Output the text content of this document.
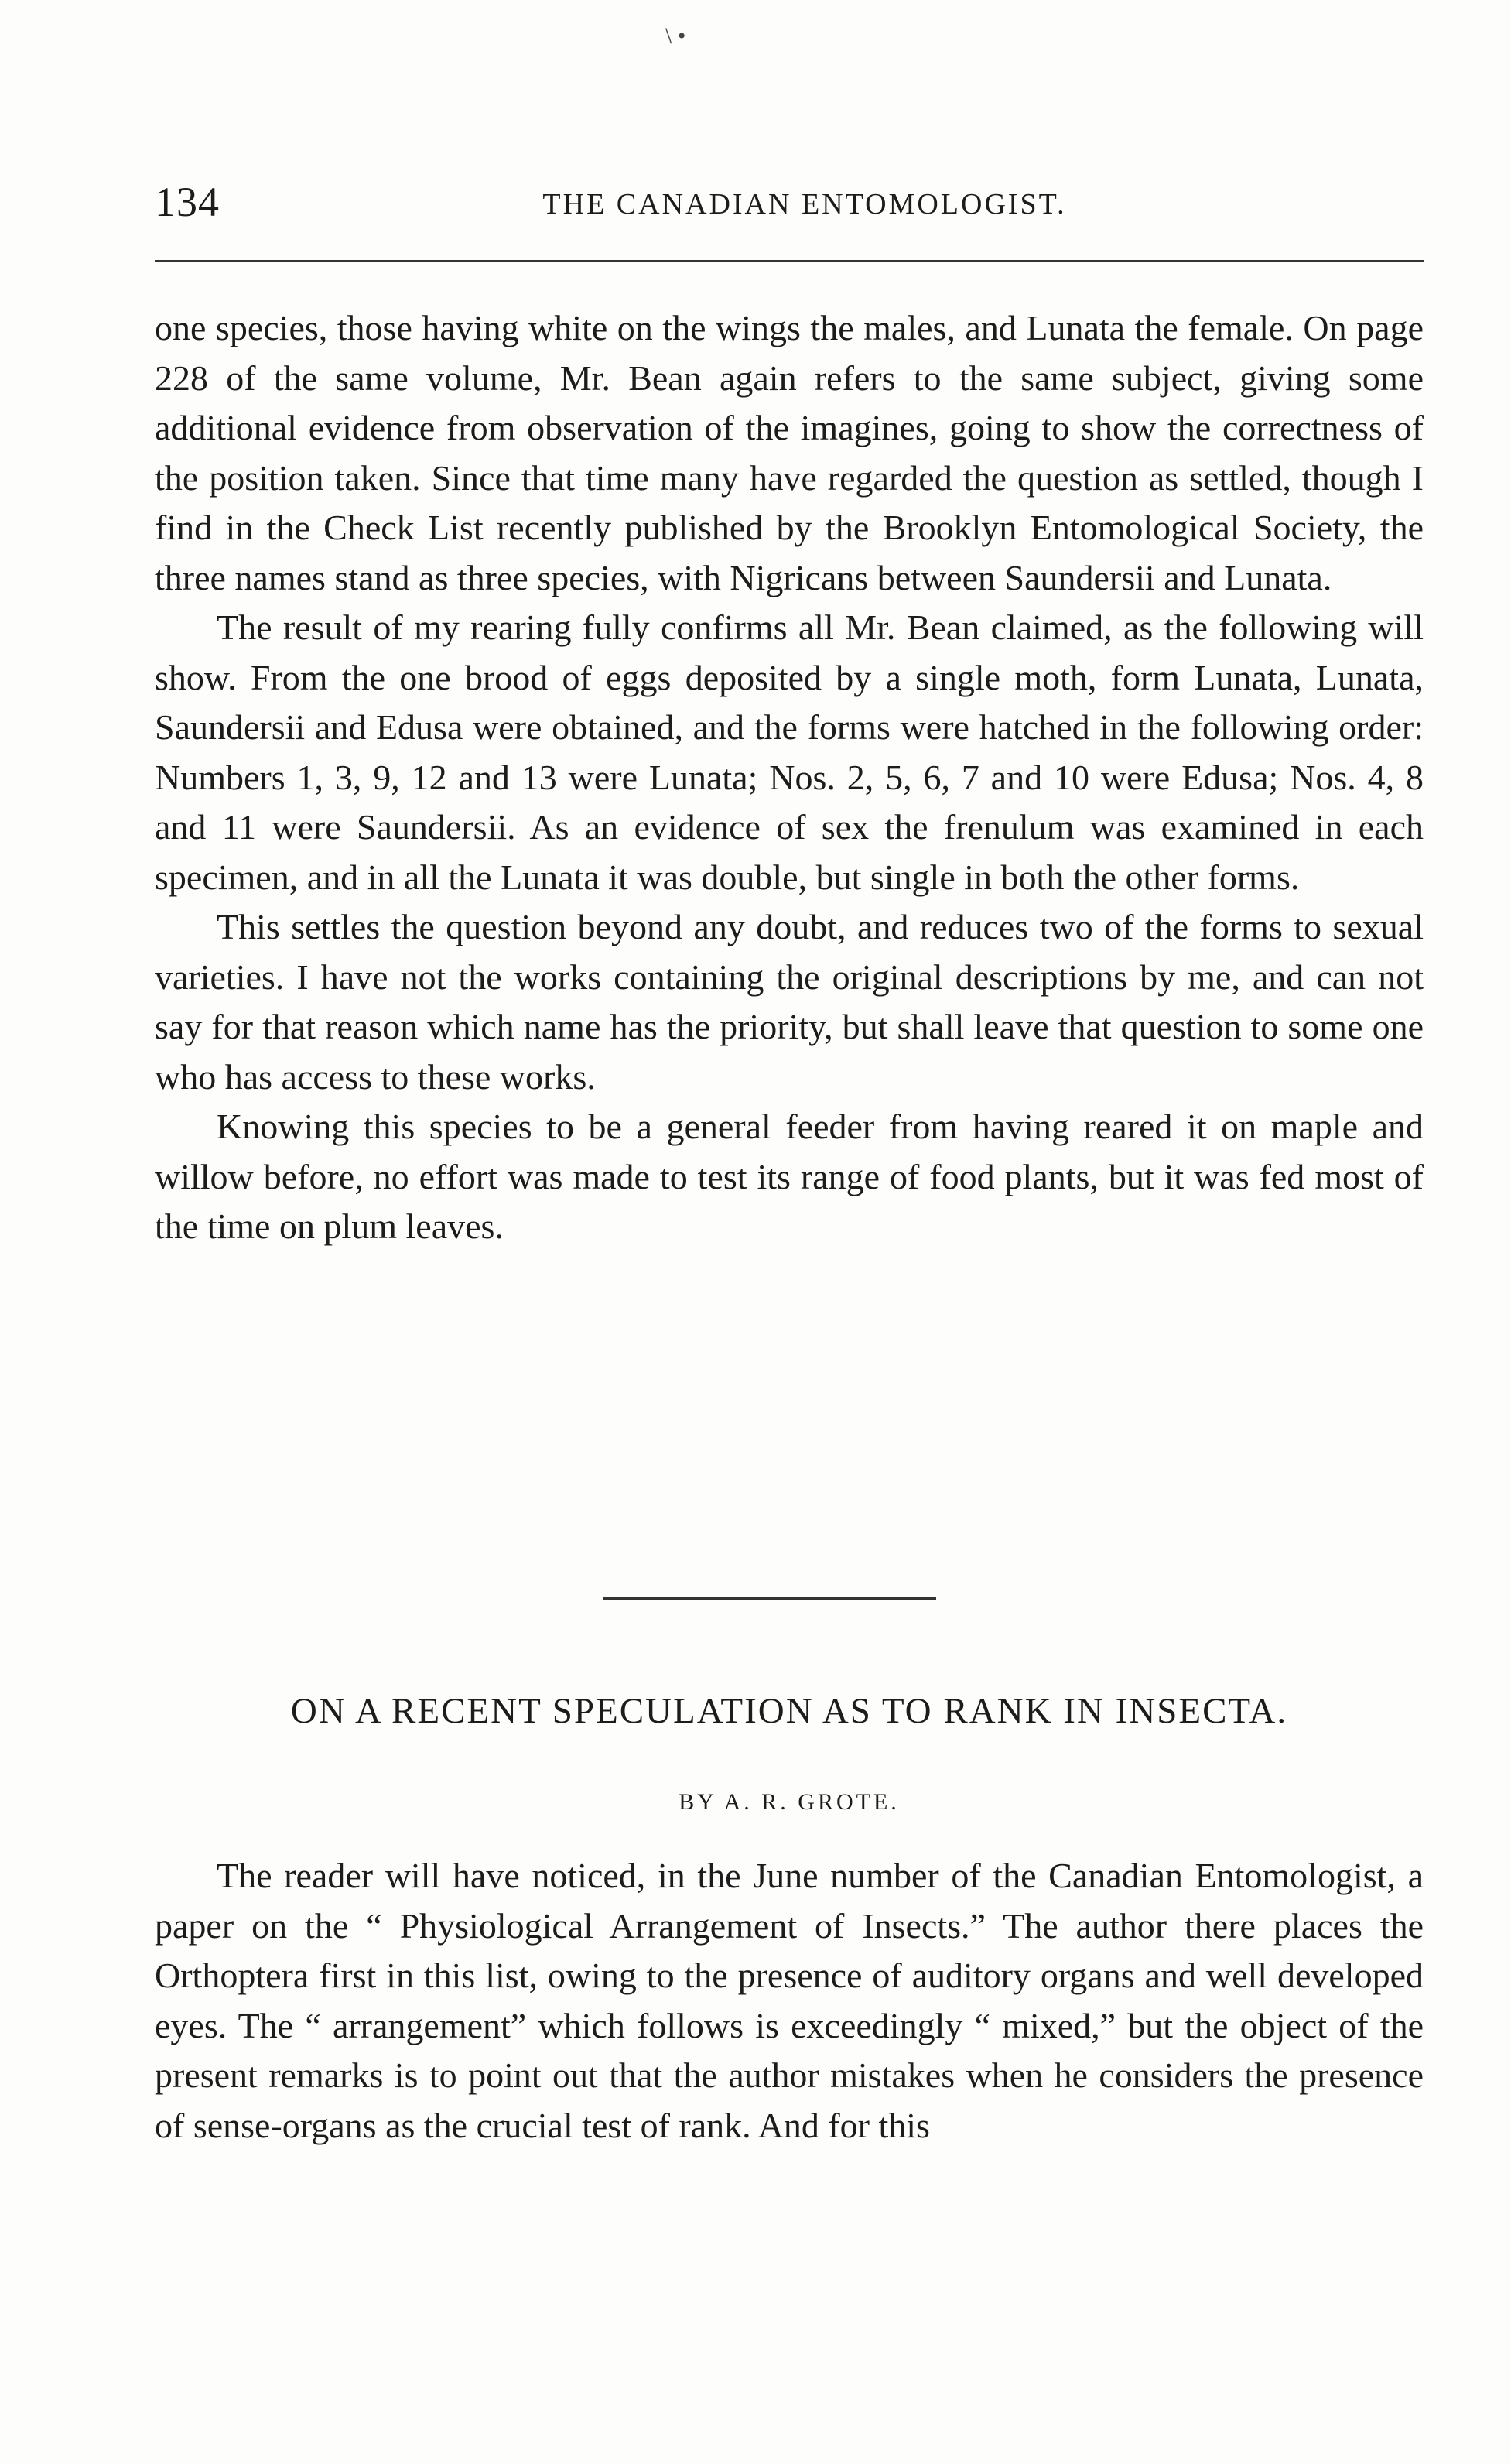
\ •
134	THE CANADIAN ENTOMOLOGIST.

one species, those having white on the wings the males, and Lunata the female. On page 228 of the same volume, Mr. Bean again refers to the same subject, giving some additional evidence from observation of the imagines, going to show the correctness of the position taken. Since that time many have regarded the question as settled, though I find in the Check List recently published by the Brooklyn Entomological Society, the three names stand as three species, with Nigricans between Saundersii and Lunata.

The result of my rearing fully confirms all Mr. Bean claimed, as the following will show. From the one brood of eggs deposited by a single moth, form Lunata, Lunata, Saundersii and Edusa were obtained, and the forms were hatched in the following order: Numbers 1, 3, 9, 12 and 13 were Lunata; Nos. 2, 5, 6, 7 and 10 were Edusa; Nos. 4, 8 and 11 were Saundersii. As an evidence of sex the frenulum was examined in each specimen, and in all the Lunata it was double, but single in both the other forms.

This settles the question beyond any doubt, and reduces two of the forms to sexual varieties. I have not the works containing the original descriptions by me, and can not say for that reason which name has the priority, but shall leave that question to some one who has access to these works.

Knowing this species to be a general feeder from having reared it on maple and willow before, no effort was made to test its range of food plants, but it was fed most of the time on plum leaves.

ON A RECENT SPECULATION AS TO RANK IN INSECTA.
BY A. R. GROTE.

The reader will have noticed, in the June number of the Canadian Entomologist, a paper on the “ Physiological Arrangement of Insects.” The author there places the Orthoptera first in this list, owing to the presence of auditory organs and well developed eyes. The “ arrangement” which follows is exceedingly “ mixed,” but the object of the present remarks is to point out that the author mistakes when he considers the presence of sense-organs as the crucial test of rank. And for this
